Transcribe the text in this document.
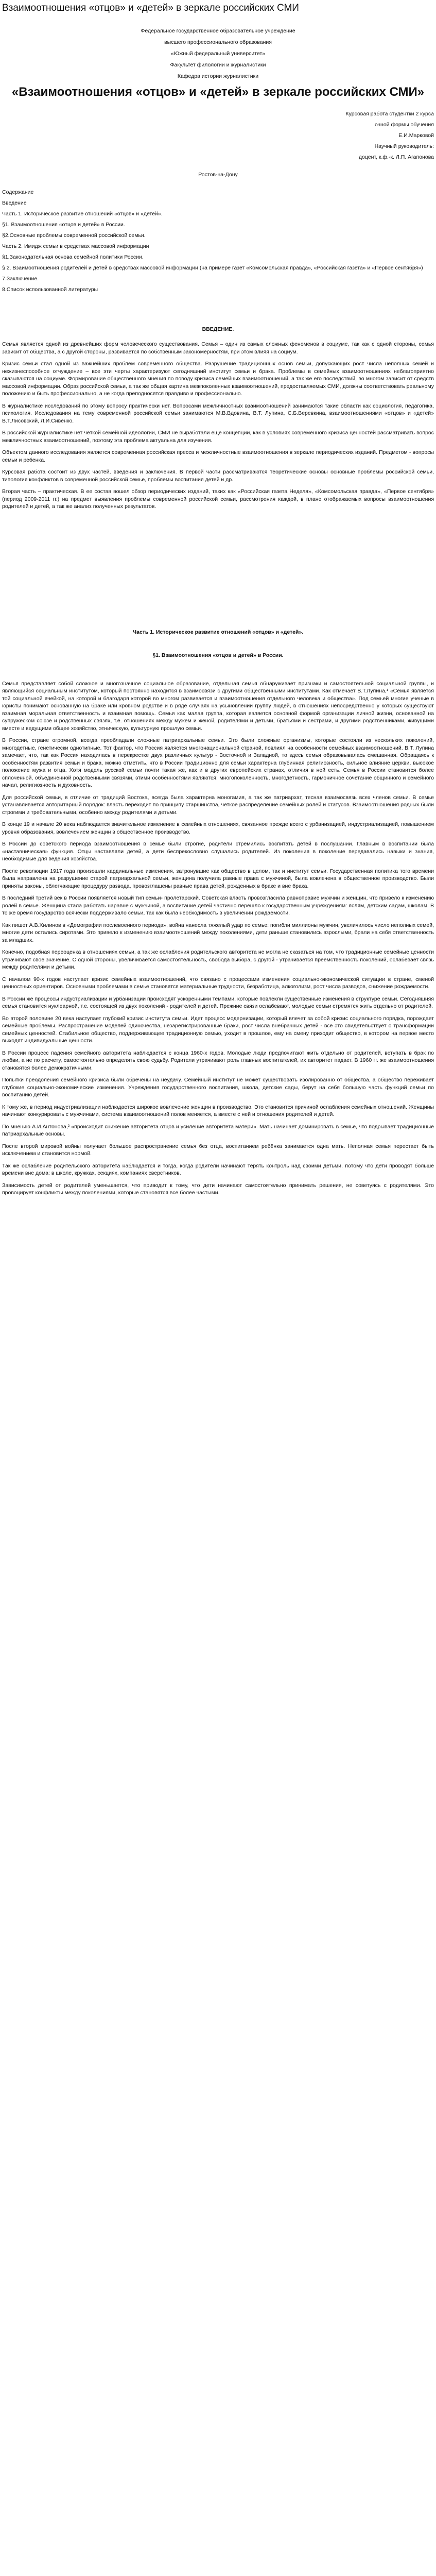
Взаимоотношения «отцов» и «детей» в зеркале российских СМИ

Федеральное государственное образовательное учреждение

высшего профессионального образования

«Южный федеральный университет»

Факультет филологии и журналистики

Кафедра истории журналистики

«Взаимоотношения «отцов» и «детей» в зеркале российских СМИ»

Курсовая работа студентки 2 курса

очной формы обучения

Е.И.Марковой

Научный руководитель:

доцент, к.ф.-к. Л.П. Агапонова

Ростов-на-Дону

Содержание

Введение

Часть 1. Историческое развитие отношений «отцов» и «детей».

§1. Взаимоотношения «отцов и детей» в России.

§2.Основные проблемы современной российской семьи.

Часть 2. Имидж семьи в средствах массовой информации

§1.Законодательная основа семейной политики России.

§ 2. Взаимоотношения родителей и детей в средствах массовой информации (на примере газет «Комсомольская правда», «Российская газета» и «Первое сентября»)

7.Заключение.

8.Список использованной литературы

ВВЕДЕНИЕ.

Семья является одной из древнейших форм человеческого существования. Семья – один из самых сложных феноменов в социуме, так как с одной стороны, семья зависит от общества, а с другой стороны, развивается по собственным закономерностям, при этом влияя на социум.

Кризис семьи стал одной из важнейших проблем современного общества. Разрушение традиционных основ семьи, допускающих рост числа неполных семей и нежизнеспособное отчуждение – все эти черты характеризуют сегодняшний институт семьи и брака. Проблемы в семейных взаимоотношениях неблагоприятно сказываются на социуме. Формирование общественного мнения по поводу кризиса семейных взаимоотношений, а так же его последствий, во многом зависит от средств массовой информации. Образ российской семьи, а так же общая картина межпоколенных взаимоотношений, предоставляемых СМИ, должны соответствовать реальному положению и быть профессионально, а не когда преподносятся правдиво и профессионально.

В журналистике исследований по этому вопросу практически нет. Вопросами межличностных взаимоотношений занимаются такие области как социология, педагогика, психология. Исследования на тему современной российской семьи занимаются М.В.Вдовина, В.Т. Лупина, С.Б.Веревкина, взаимоотношениями «отцов» и «детей» В.Т.Лисовский, Л.И.Сивенко.

В российской журналистике нет чёткой семейной идеологии, СМИ не выработали еще концепции, как в условиях современного кризиса ценностей рассматривать вопрос межличностных взаимоотношений, поэтому эта проблема актуальна для изучения.

Объектом данного исследования является современная российская пресса и межличностные взаимоотношения в зеркале периодических изданий. Предметом - вопросы семьи и ребенка.

Курсовая работа состоит из двух частей, введения и заключения. В первой части рассматриваются теоретические основы основные проблемы российской семьи, типология конфликтов в современной российской семье, проблемы воспитания детей и др.

Вторая часть – практическая. В ее состав вошел обзор периодических изданий, таких как «Российская газета Неделя», «Комсомольская правда», «Первое сентября» (период 2009-2011 гг.) на предмет выявления проблемы современной российской семьи, рассмотрения каждой, в плане отображаемых вопросы взаимоотношения родителей и детей, а так же анализ полученных результатов.

Часть 1. Историческое развитие отношений «отцов» и «детей».

§1. Взаимоотношения «отцов и детей» в России.

Семья представляет собой сложное и многозначное социальное образование, отдельная семья обнаруживает признаки и самостоятельной социальной группы, и являющийся социальным институтом, который постоянно находится в взаимосвязи с другими общественными институтами. Как отмечает В.Т.Лупина,¹ «Семья является той социальной ячейкой, на которой и благодаря которой во многом развивается и взаимоотношения отдельного человека и общества». Под семьей многие ученые в юристы понимают основанную на браке или кровном родстве и в ряде случаях на усыновлении группу людей, в отношениях непосредственно у которых существуют взаимная моральная ответственность и взаимная помощь. Семья как малая группа, которая является основной формой организации личной жизни, основанной на супружеском союзе и родственных связях, т.е. отношениях между мужем и женой, родителями и детьми, братьями и сестрами, и другими родственниками, живущими вместе и ведущими общее хозяйство, этническую, культурную прошлую семьи.

В России, стране огромной, всегда преобладали сложные патриархальные семьи. Это были сложные организмы, которые состояли из нескольких поколений, многодетные, генетически однотипные. Тот фактор, что Россия является многонациональной страной, повлиял на особенности семейных взаимоотношений. В.Т. Лупина замечает, что, так как Россия находилась в перекрестке двух различных культур - Восточной и Западной, то здесь семья образовывалась смешанная. Обращаясь к особенностям развития семьи и брака, можно отметить, что в России традиционно для семьи характерна глубинная религиозность, сильное влияние церкви, высокое положение мужа и отца. Хотя модель русской семьи почти такая же, как и в других европейских странах, отличия в ней есть. Семья в России становится более сплоченной, объединенной родственными связями, этими особенностями являются: многопоколенность, многодетность, гармоничное сочетание общинного и семейного начал, религиозность и духовность.

Для российской семьи, в отличие от традиций Востока, всегда была характерна моногамия, а так же патриархат, тесная взаимосвязь всех членов семьи. В семье устанавливается авторитарный порядок: власть переходит по принципу старшинства, четкое распределение семейных ролей и статусов. Взаимоотношения родных были строгими и требовательными, особенно между родителями и детьми.

В конце 19 и начале 20 века наблюдается значительное изменение в семейных отношениях, связанное прежде всего с урбанизацией, индустриализацией, повышением уровня образования, вовлечением женщин в общественное производство.

В России до советского периода взаимоотношения в семье были строгие, родители стремились воспитать детей в послушании. Главным в воспитании была «наставническая» функция. Отцы наставляли детей, а дети беспрекословно слушались родителей. Из поколения в поколение передавались навыки и знания, необходимые для ведения хозяйства.

После революции 1917 года произошли кардинальные изменения, затронувшие как общество в целом, так и институт семьи. Государственная политика того времени была направлена на разрушение старой патриархальной семьи, женщина получила равные права с мужчиной, была вовлечена в общественное производство. Были приняты законы, облегчающие процедуру развода, провозглашены равные права детей, рожденных в браке и вне брака.

В последний третий век в России появляется новый тип семьи- пролетарский. Советская власть провозгласила равноправие мужчин и женщин, что привело к изменению ролей в семье. Женщина стала работать наравне с мужчиной, а воспитание детей частично перешло к государственным учреждениям: яслям, детским садам, школам. В то же время государство всячески поддерживало семьи, так как была необходимость в увеличении рождаемости.

Как пишет А.В.Хилинов в «Демографии послевоенного периода», война нанесла тяжелый удар по семье: погибли миллионы мужчин, увеличилось число неполных семей, многие дети остались сиротами. Это привело к изменению взаимоотношений между поколениями, дети раньше становились взрослыми, брали на себя ответственность за младших.

Конечно, подобная переоценка в отношениях семьи, а так же ослабления родительского авторитета не могла не сказаться на том, что традиционные семейные ценности утрачивают свое значение. С одной стороны, увеличивается самостоятельность, свобода выбора, с другой - утрачивается преемственность поколений, ослабевает связь между родителями и детьми.

С началом 90-х годов наступает кризис семейных взаимоотношений, что связано с процессами изменения социально-экономической ситуации в стране, сменой ценностных ориентиров. Основными проблемами в семье становятся материальные трудности, безработица, алкоголизм, рост числа разводов, снижение рождаемости.

В России же процессы индустриализации и урбанизации происходят ускоренными темпами, которые повлекли существенные изменения в структуре семьи. Сегодняшняя семья становится нуклеарной, т.е. состоящей из двух поколений - родителей и детей. Прежние связи ослабевают, молодые семьи стремятся жить отдельно от родителей.

Во второй половине 20 века наступает глубокий кризис института семьи. Идет процесс модернизации, который влечет за собой кризис социального порядка, порождает семейные проблемы. Распространение моделей одиночества, незарегистрированные браки, рост числа внебрачных детей - все это свидетельствует о трансформации семейных ценностей. Стабильное общество, поддерживающее традиционную семью, уходит в прошлое, ему на смену приходит общество, в котором на первое место выходят индивидуальные ценности.

В России процесс падения семейного авторитета наблюдается с конца 1960-х годов. Молодые люди предпочитают жить отдельно от родителей, вступать в брак по любви, а не по расчету, самостоятельно определять свою судьбу. Родители утрачивают роль главных воспитателей, их авторитет падает. В 1960 гг. же взаимоотношения становятся более демократичными.

Попытки преодоления семейного кризиса были обречены на неудачу. Семейный институт не может существовать изолированно от общества, а общество переживает глубокие социально-экономические изменения. Учреждения государственного воспитания, школа, детские сады, берут на себя большую часть функций семьи по воспитанию детей.

К тому же, в период индустриализации наблюдается широкое вовлечение женщин в производство. Это становится причиной ослабления семейных отношений. Женщины начинают конкурировать с мужчинами, система взаимоотношений полов меняется, а вместе с ней и отношения родителей и детей.

По мнению А.И.Антонова,² «происходит снижение авторитета отцов и усиление авторитета матери». Мать начинает доминировать в семье, что подрывает традиционные патриархальные основы.

После второй мировой войны получает большое распространение семья без отца, воспитанием ребёнка занимается одна мать. Неполная семья перестает быть исключением и становится нормой.

Так же ослабление родительского авторитета наблюдается и тогда, когда родители начинают терять контроль над своими детьми, потому что дети проводят больше времени вне дома: в школе, кружках, секциях, компаниях сверстников.

Зависимость детей от родителей уменьшается, что приводит к тому, что дети начинают самостоятельно принимать решения, не советуясь с родителями. Это провоцирует конфликты между поколениями, которые становятся все более частыми.
